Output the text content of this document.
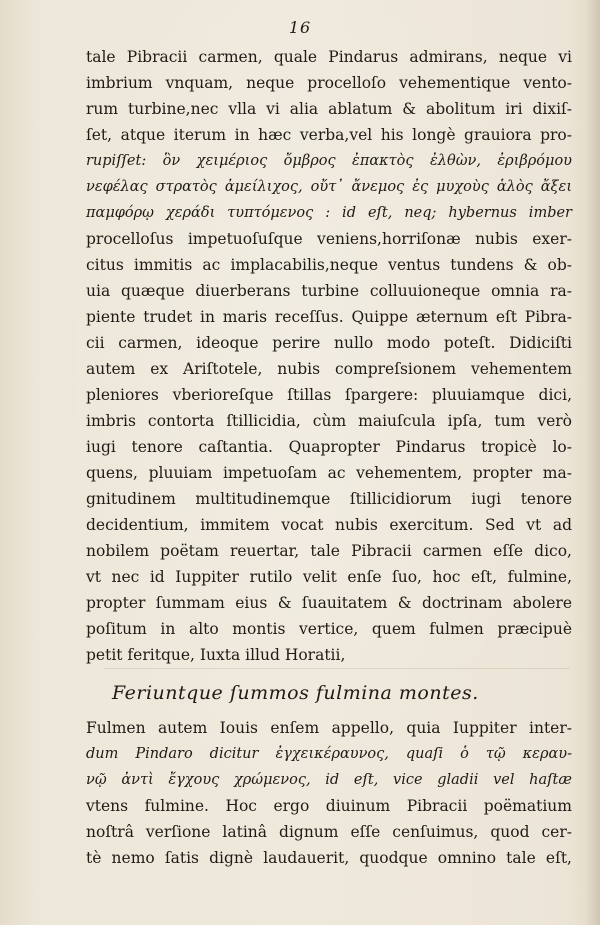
16
tale Pibracii carmen, quale Pindarus admirans, neque vi
imbrium vnquam, neque procelloſo vehementique vento-
rum turbine,nec vlla vi alia ablatum & abolitum iri dixiſ-
ſet, atque iterum in hæc verba,vel his longè grauiora pro-
rupiſſet: ὃν χειμέριος ὄμβρος ἐπακτὸς ἐλθὼν, ἐριβρόμου
νεφέλας στρατὸς ἀμείλιχος, οὔτ᾽ ἄνεμος ἐς μυχοὺς ἁλὸς ἄξει
παμφόρῳ χεράδι τυπτόμενος : id eſt, neq; hybernus imber
procelloſus impetuoſuſque veniens,horriſonæ nubis exer-
citus immitis ac implacabilis,neque ventus tundens & ob-
uia quæque diuerberans turbine colluuioneque omnia ra-
piente trudet in maris receſſus. Quippe æternum eſt Pibra-
cii carmen, ideoque perire nullo modo poteſt. Didiciſti
autem ex Ariſtotele, nubis compreſsionem vehementem
pleniores vberioreſque ſtillas ſpargere: pluuiamque dici,
imbris contorta ſtillicidia, cùm maiuſcula ipſa, tum verò
iugi tenore caſtantia. Quapropter Pindarus tropicè lo-
quens, pluuiam impetuoſam ac vehementem, propter ma-
gnitudinem multitudinemque ſtillicidiorum iugi tenore
decidentium, immitem vocat nubis exercitum. Sed vt ad
nobilem poëtam reuertar, tale Pibracii carmen eſſe dico,
vt nec id Iuppiter rutilo velit enſe ſuo, hoc eſt, fulmine,
propter ſummam eius & ſuauitatem & doctrinam abolere
poſitum in alto montis vertice, quem fulmen præcipuè
petit feritque, Iuxta illud Horatii,
Feriuntque ſummos fulmina montes.
Fulmen autem Iouis enſem appello, quia Iuppiter inter-
dum Pindaro dicitur ἐγχεικέραυνος, quaſi ὁ τῷ κεραυ-
νῷ ἀντὶ ἔγχους χρώμενος, id eſt, vice gladii vel haſtæ
vtens fulmine. Hoc ergo diuinum Pibracii poëmatium
noſtrâ verſione latinâ dignum eſſe cenſuimus, quod cer-
tè nemo ſatis dignè laudauerit, quodque omnino tale eſt,
